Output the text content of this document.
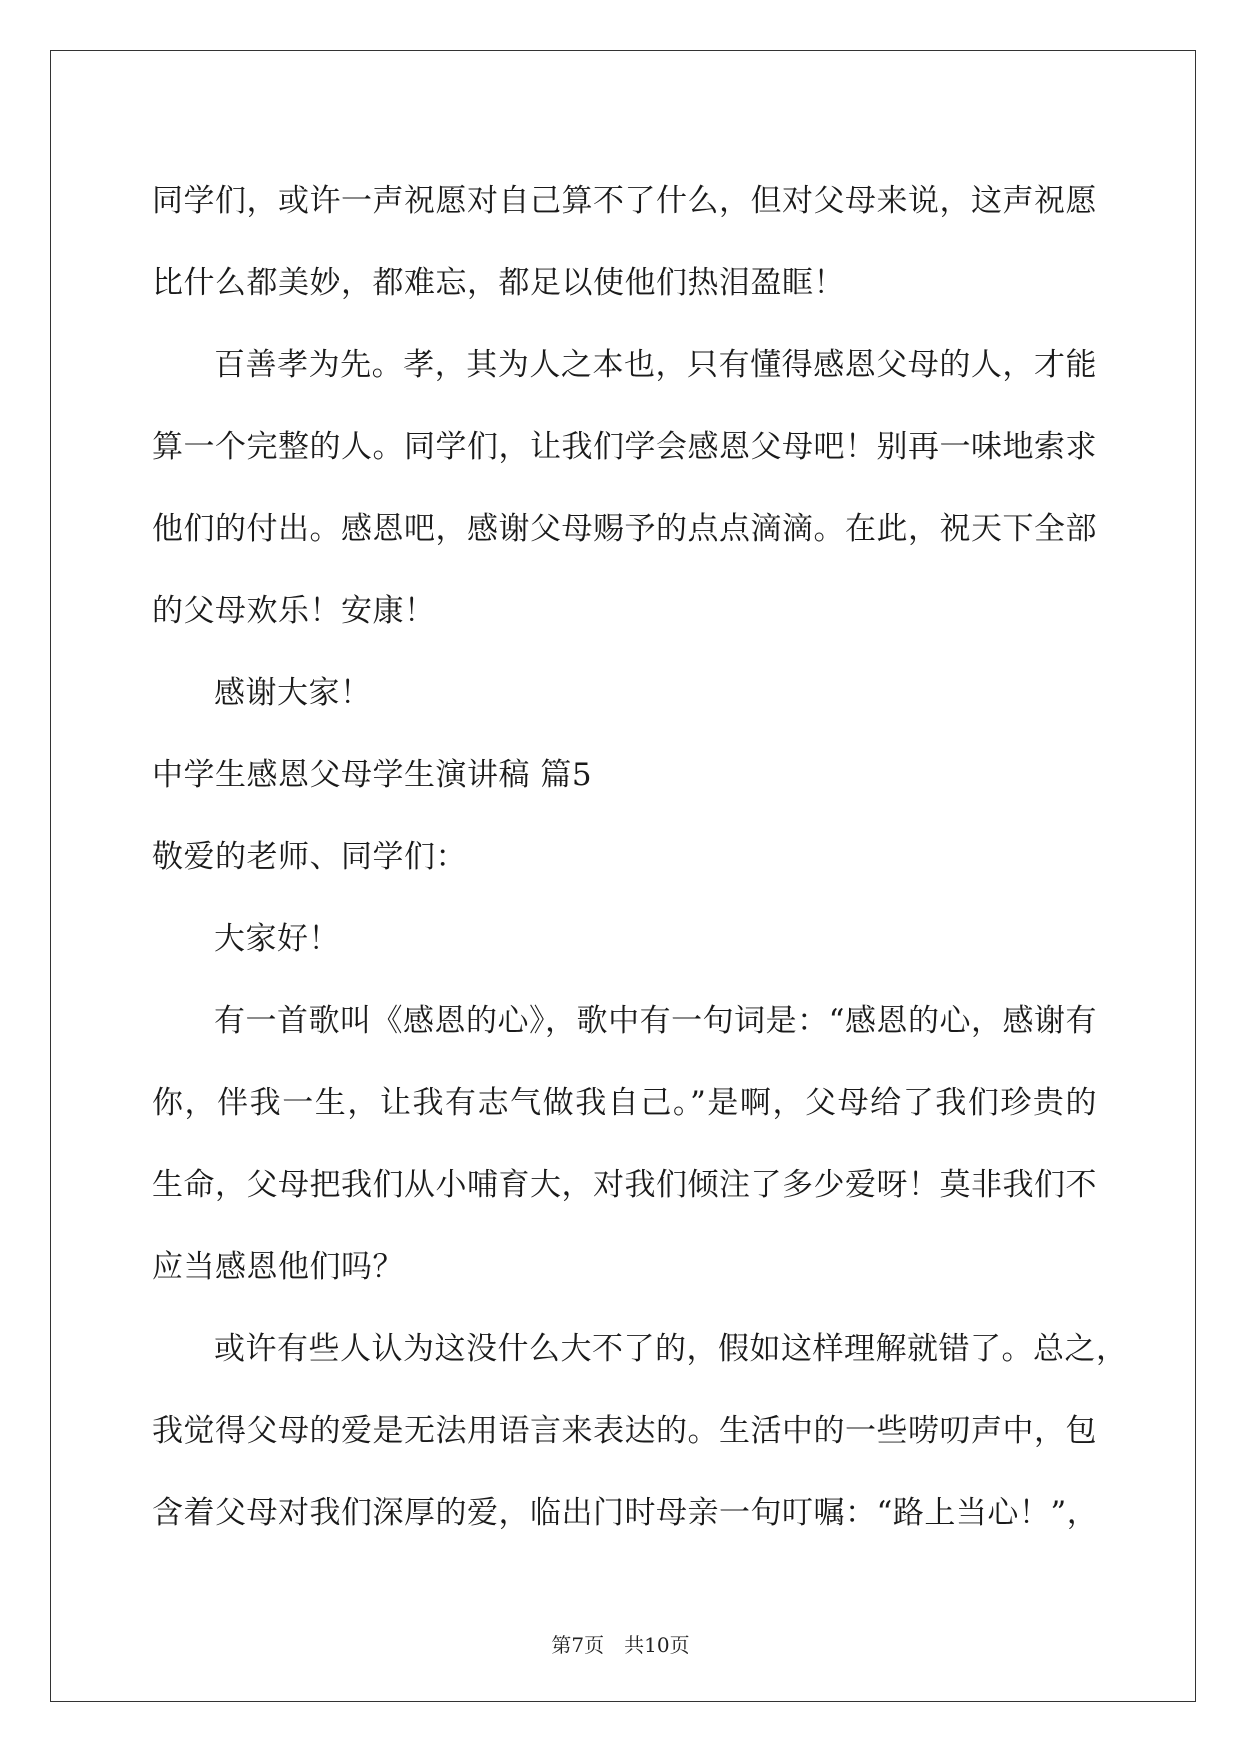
同学们，或许一声祝愿对自己算不了什么，但对父母来说，这声祝愿
比什么都美妙，都难忘，都足以使他们热泪盈眶！
百善孝为先。孝，其为人之本也，只有懂得感恩父母的人，才能
算一个完整的人。同学们，让我们学会感恩父母吧！别再一味地索求
他们的付出。感恩吧，感谢父母赐予的点点滴滴。在此，祝天下全部
的父母欢乐！安康！
感谢大家！
中学生感恩父母学生演讲稿 篇5
敬爱的老师、同学们：
大家好！
有一首歌叫《感恩的心》，歌中有一句词是：“感恩的心，感谢有
你，伴我一生，让我有志气做我自己。”是啊，父母给了我们珍贵的
生命，父母把我们从小哺育大，对我们倾注了多少爱呀！莫非我们不
应当感恩他们吗？
或许有些人认为这没什么大不了的，假如这样理解就错了。总之，
我觉得父母的爱是无法用语言来表达的。生活中的一些唠叨声中，包
含着父母对我们深厚的爱，临出门时母亲一句叮嘱：“路上当心！”，
第7页　共10页
